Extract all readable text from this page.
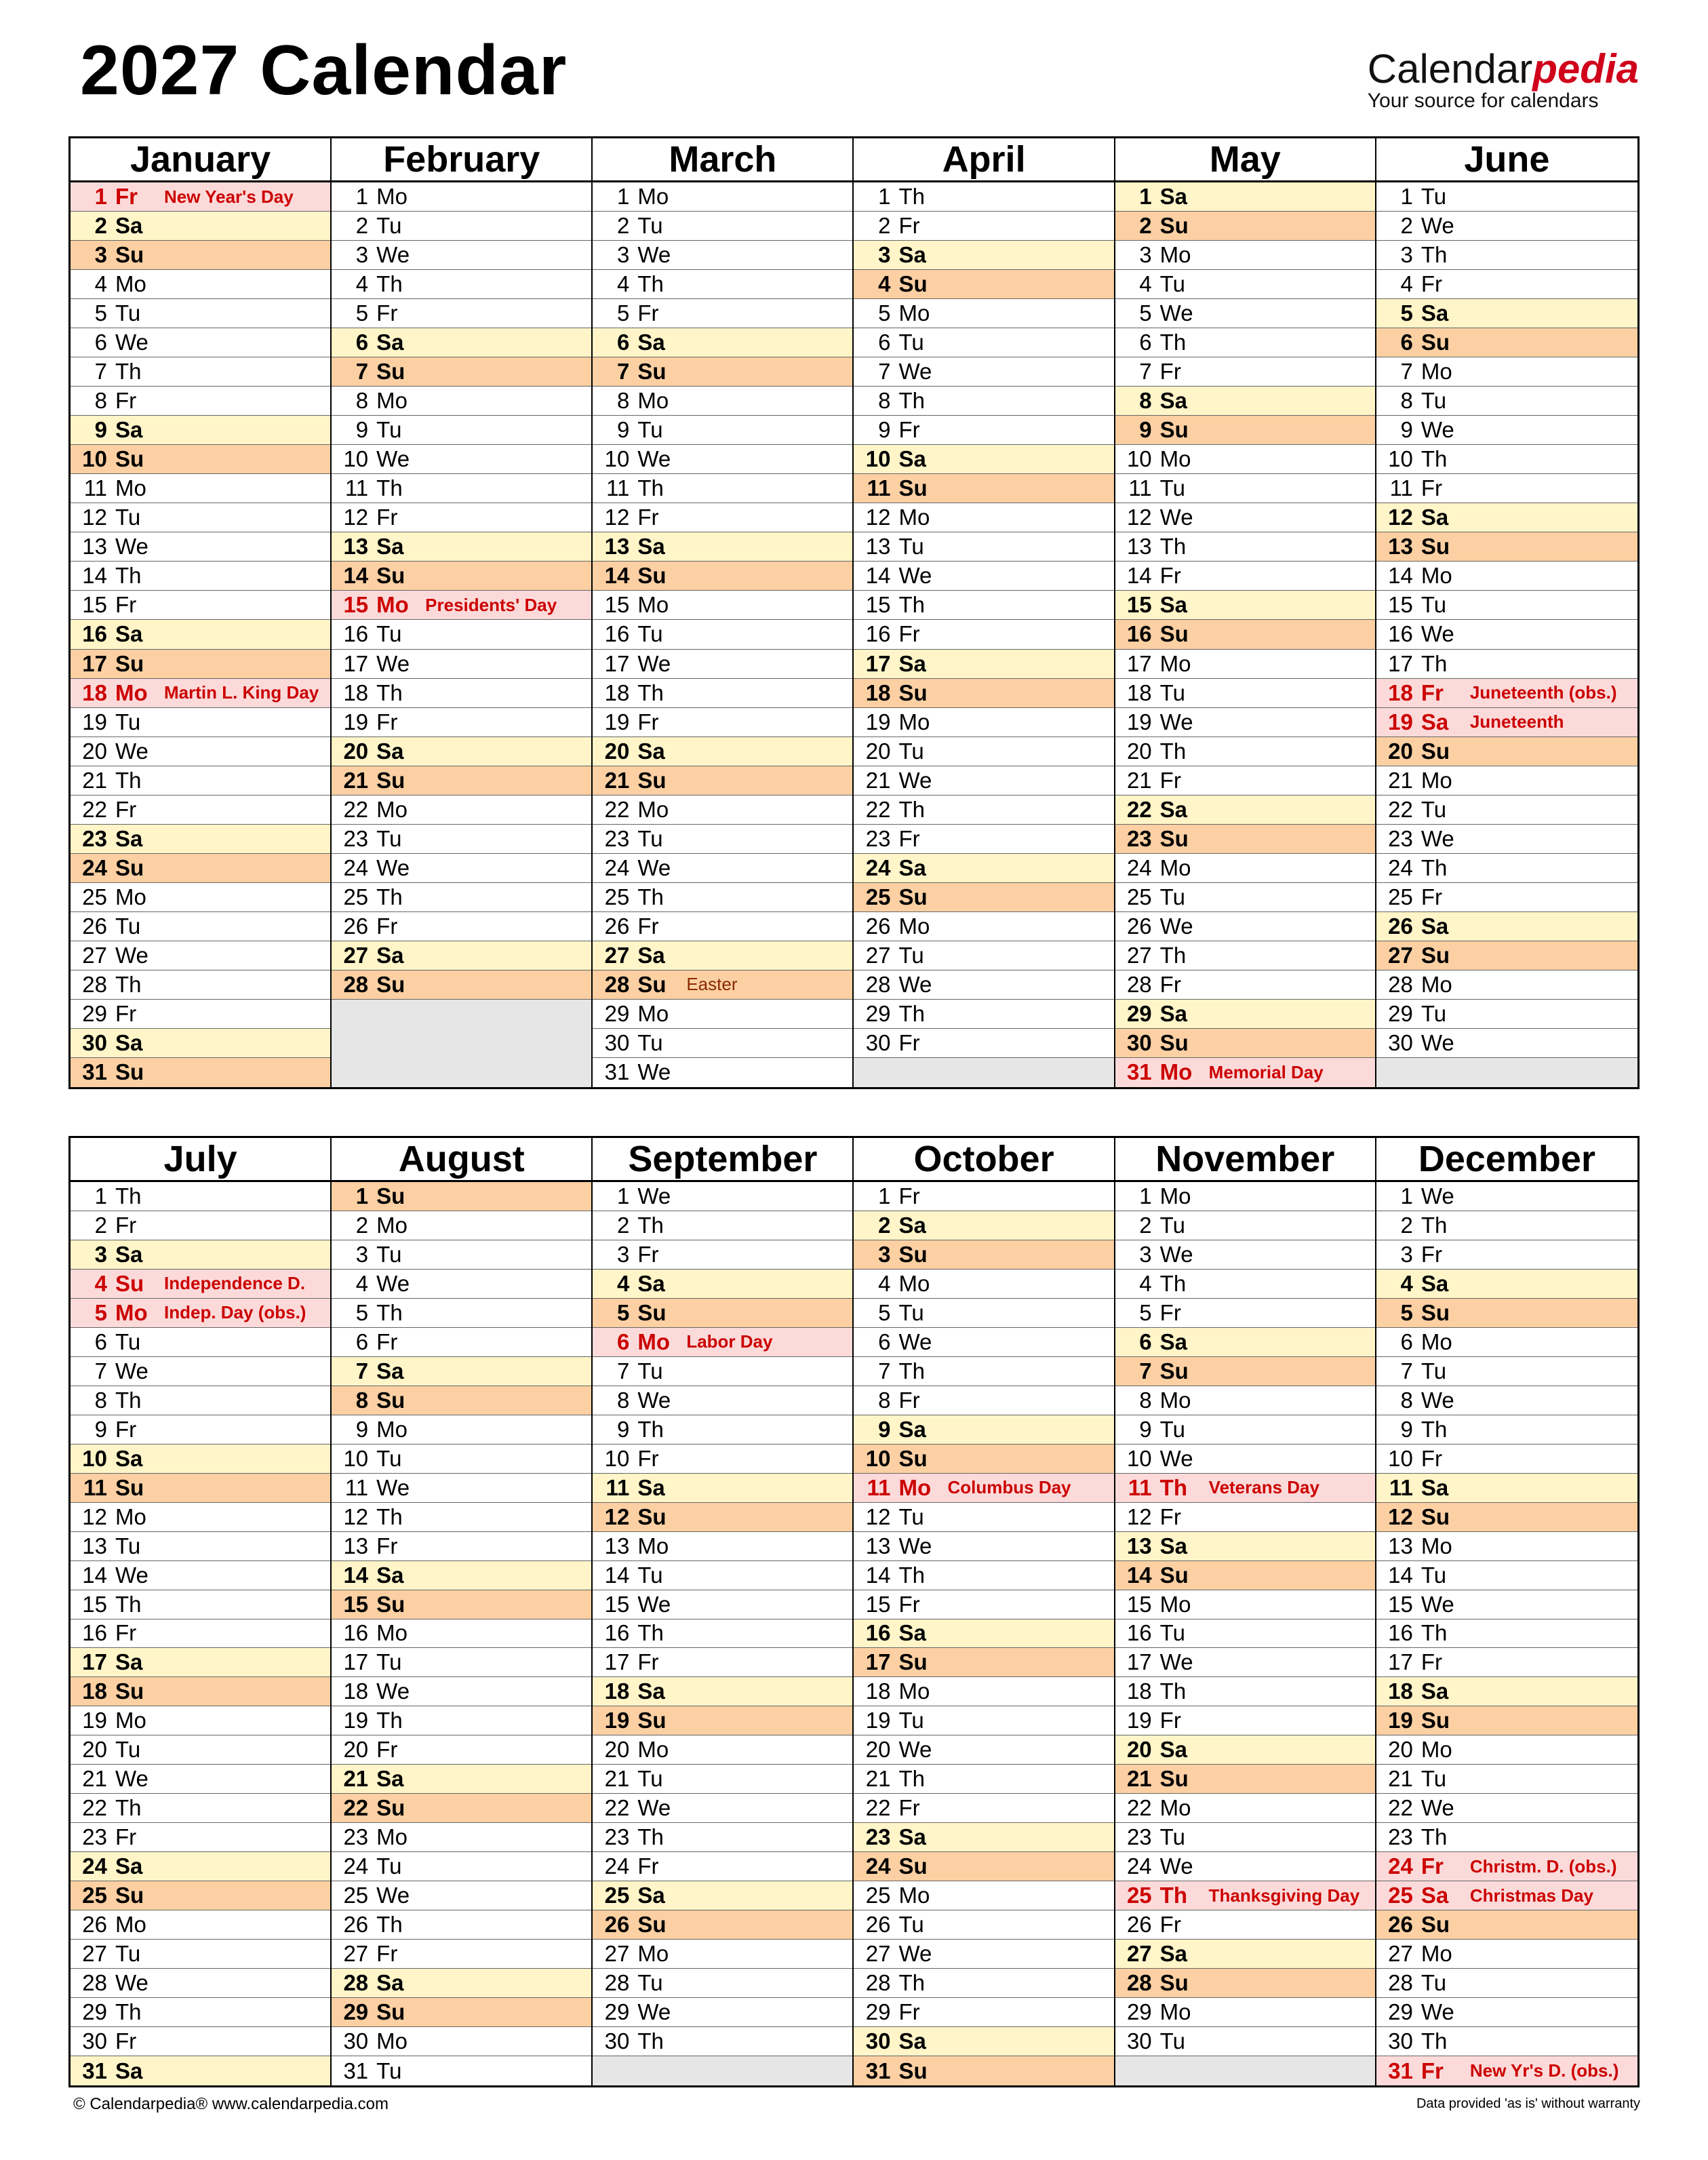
2027 Calendar	Calendarpedia
Your source for calendars
January
1 Fr	New Year's Day
2 Sa
3 Su
4 Mo
5 Tu
6 We
7 Th
8 Fr
9 Sa
10 Su
11 Mo
12 Tu
13 We
14 Th
15 Fr
16 Sa
17 Su
18 Mo Martin L. King Day
19 Tu
20 We
21 Th
22 Fr
23 Sa
24 Su
25 Mo
26 Tu
27 We
28 Th
29 Fr
30 Sa
31 Su
February
1 Mo
2 Tu
3 We
4 Th
5 Fr
6 Sa
7 Su
8 Mo
9 Tu
10 We
11 Th
12 Fr
13 Sa
14 Su
15 Mo Presidents' Day
16 Tu
17 We
18 Th
19 Fr
20 Sa
21 Su
22 Mo
23 Tu
24 We
25 Th
26 Fr
27 Sa
28 Su
March
1 Mo
2 Tu
3 We
4 Th
5 Fr
6 Sa
7 Su
8 Mo
9 Tu
10 We
11 Th
12 Fr
13 Sa
14 Su
15 Mo
16 Tu
17 We
18 Th
19 Fr
20 Sa
21 Su
22 Mo
23 Tu
24 We
25 Th
26 Fr
27 Sa
28 Su	Easter
29 Mo
30 Tu
31 We
April
1 Th
2 Fr
3 Sa
4 Su
5 Mo
6 Tu
7 We
8 Th
9 Fr
10 Sa
11 Su
12 Mo
13 Tu
14 We
15 Th
16 Fr
17 Sa
18 Su
19 Mo
20 Tu
21 We
22 Th
23 Fr
24 Sa
25 Su
26 Mo
27 Tu
28 We
29 Th
30 Fr
May
1 Sa
2 Su
3 Mo
4 Tu
5 We
6 Th
7 Fr
8 Sa
9 Su
10 Mo
11 Tu
12 We
13 Th
14 Fr
15 Sa
16 Su
17 Mo
18 Tu
19 We
20 Th
21 Fr
22 Sa
23 Su
24 Mo
25 Tu
26 We
27 Th
28 Fr
29 Sa
30 Su
31 Mo Memorial Day
June
1 Tu
2 We
3 Th
4 Fr
5 Sa
6 Su
7 Mo
8 Tu
9 We
10 Th
11 Fr
12 Sa
13 Su
14 Mo
15 Tu
16 We
17 Th
18 Fr	Juneteenth (obs.)
19 Sa	Juneteenth
20 Su
21 Mo
22 Tu
23 We
24 Th
25 Fr
26 Sa
27 Su
28 Mo
29 Tu
30 We
July
1 Th
2 Fr
3 Sa
4 Su	Independence D.
5 Mo Indep. Day (obs.)
6 Tu
7 We
8 Th
9 Fr
10 Sa
11 Su
12 Mo
13 Tu
14 We
15 Th
16 Fr
17 Sa
18 Su
19 Mo
20 Tu
21 We
22 Th
23 Fr
24 Sa
25 Su
26 Mo
27 Tu
28 We
29 Th
30 Fr
31 Sa
August
1 Su
2 Mo
3 Tu
4 We
5 Th
6 Fr
7 Sa
8 Su
9 Mo
10 Tu
11 We
12 Th
13 Fr
14 Sa
15 Su
16 Mo
17 Tu
18 We
19 Th
20 Fr
21 Sa
22 Su
23 Mo
24 Tu
25 We
26 Th
27 Fr
28 Sa
29 Su
30 Mo
31 Tu
September
1 We
2 Th
3 Fr
4 Sa
5 Su
6 Mo Labor Day
7 Tu
8 We
9 Th
10 Fr
11 Sa
12 Su
13 Mo
14 Tu
15 We
16 Th
17 Fr
18 Sa
19 Su
20 Mo
21 Tu
22 We
23 Th
24 Fr
25 Sa
26 Su
27 Mo
28 Tu
29 We
30 Th
October
1 Fr
2 Sa
3 Su
4 Mo
5 Tu
6 We
7 Th
8 Fr
9 Sa
10 Su
11 Mo Columbus Day
12 Tu
13 We
14 Th
15 Fr
16 Sa
17 Su
18 Mo
19 Tu
20 We
21 Th
22 Fr
23 Sa
24 Su
25 Mo
26 Tu
27 We
28 Th
29 Fr
30 Sa
31 Su
November
1 Mo
2 Tu
3 We
4 Th
5 Fr
6 Sa
7 Su
8 Mo
9 Tu
10 We
11 Th	Veterans Day
12 Fr
13 Sa
14 Su
15 Mo
16 Tu
17 We
18 Th
19 Fr
20 Sa
21 Su
22 Mo
23 Tu
24 We
25 Th	Thanksgiving Day
26 Fr
27 Sa
28 Su
29 Mo
30 Tu
December
1 We
2 Th
3 Fr
4 Sa
5 Su
6 Mo
7 Tu
8 We
9 Th
10 Fr
11 Sa
12 Su
13 Mo
14 Tu
15 We
16 Th
17 Fr
18 Sa
19 Su
20 Mo
21 Tu
22 We
23 Th
24 Fr	Christm. D. (obs.)
25 Sa	Christmas Day
26 Su
27 Mo
28 Tu
29 We
30 Th
31 Fr	New Yr's D. (obs.)
© Calendarpedia® www.calendarpedia.com	Data provided 'as is' without warranty
